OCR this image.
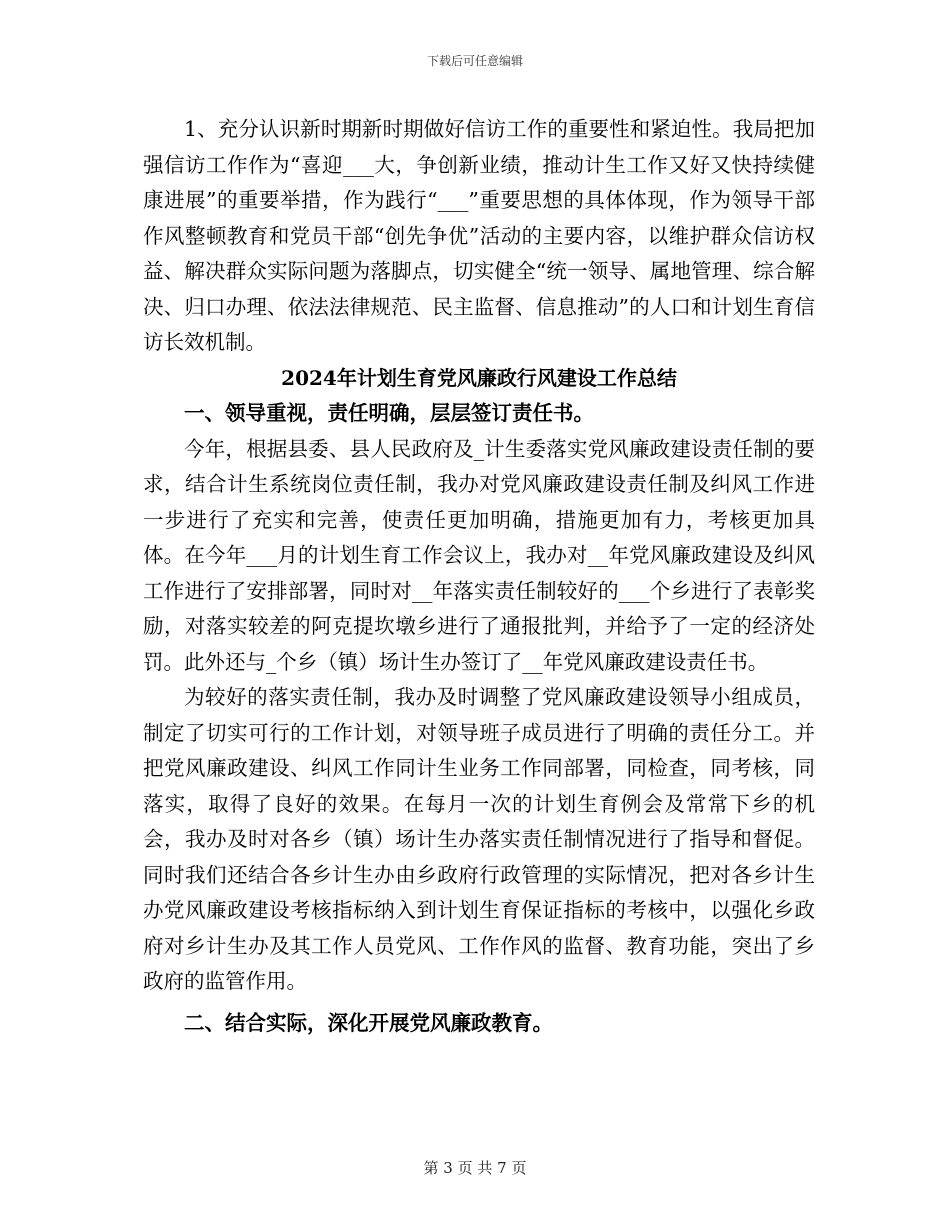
下载后可任意编辑

1、充分认识新时期新时期做好信访工作的重要性和紧迫性。我局把加强信访工作作为“喜迎___大，争创新业绩，推动计生工作又好又快持续健康进展”的重要举措，作为践行“___”重要思想的具体体现，作为领导干部作风整顿教育和党员干部“创先争优”活动的主要内容，以维护群众信访权益、解决群众实际问题为落脚点，切实健全“统一领导、属地管理、综合解决、归口办理、依法法律规范、民主监督、信息推动”的人口和计划生育信访长效机制。

2024年计划生育党风廉政行风建设工作总结

一、领导重视，责任明确，层层签订责任书。

今年，根据县委、县人民政府及_计生委落实党风廉政建设责任制的要求，结合计生系统岗位责任制，我办对党风廉政建设责任制及纠风工作进一步进行了充实和完善，使责任更加明确，措施更加有力，考核更加具体。在今年___月的计划生育工作会议上，我办对__年党风廉政建设及纠风工作进行了安排部署，同时对__年落实责任制较好的___个乡进行了表彰奖励，对落实较差的阿克提坎墩乡进行了通报批判，并给予了一定的经济处罚。此外还与_个乡（镇）场计生办签订了__年党风廉政建设责任书。

为较好的落实责任制，我办及时调整了党风廉政建设领导小组成员，制定了切实可行的工作计划，对领导班子成员进行了明确的责任分工。并把党风廉政建设、纠风工作同计生业务工作同部署，同检查，同考核，同落实，取得了良好的效果。在每月一次的计划生育例会及常常下乡的机会，我办及时对各乡（镇）场计生办落实责任制情况进行了指导和督促。同时我们还结合各乡计生办由乡政府行政管理的实际情况，把对各乡计生办党风廉政建设考核指标纳入到计划生育保证指标的考核中，以强化乡政府对乡计生办及其工作人员党风、工作作风的监督、教育功能，突出了乡政府的监管作用。

二、结合实际，深化开展党风廉政教育。

第 3 页 共 7 页
